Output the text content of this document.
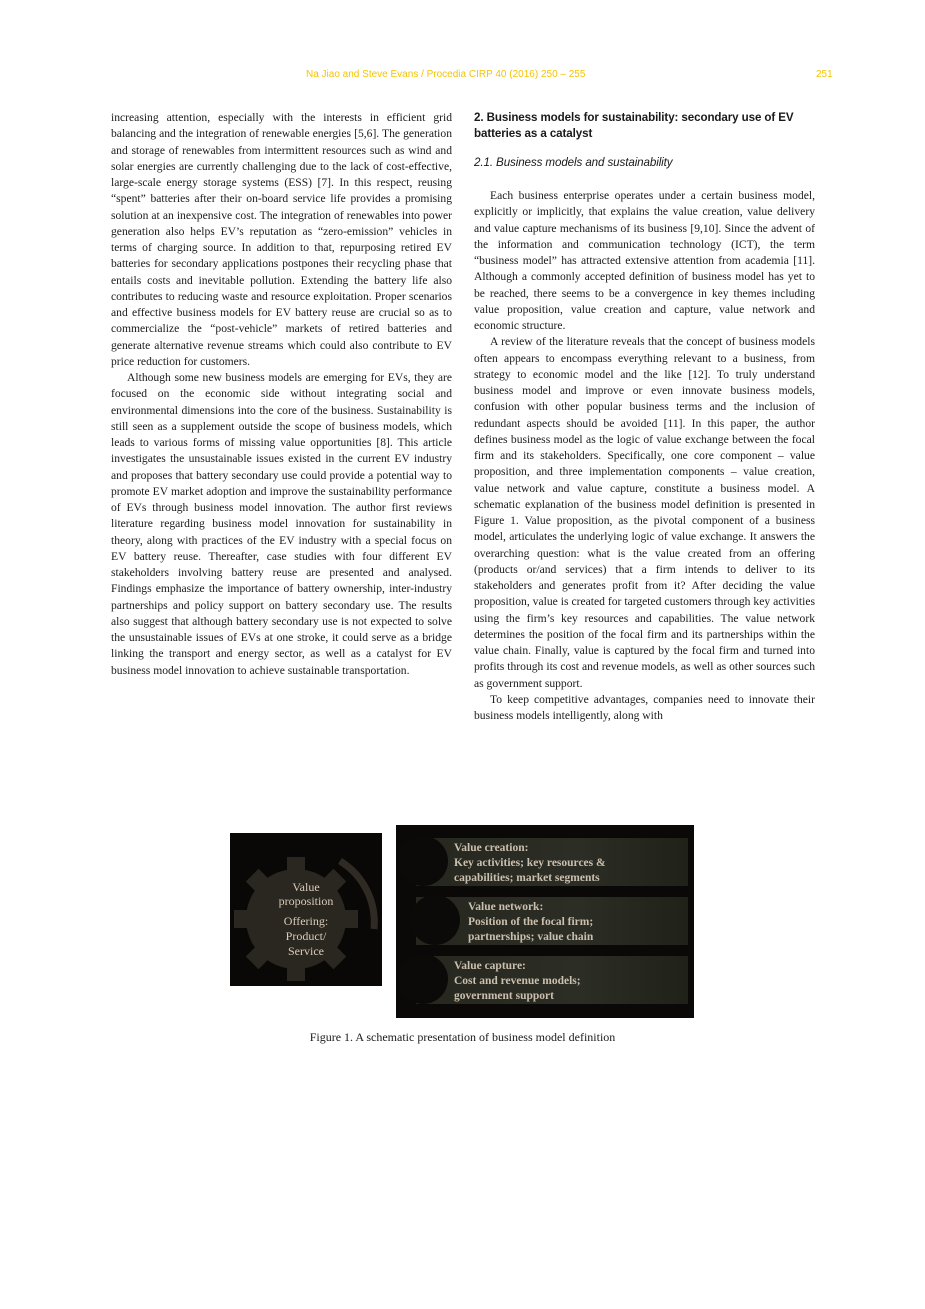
Na Jiao and Steve Evans / Procedia CIRP 40 (2016) 250 – 255	251

increasing attention, especially with the interests in efficient grid balancing and the integration of renewable energies [5,6]. The generation and storage of renewables from intermittent resources such as wind and solar energies are currently challenging due to the lack of cost-effective, large-scale energy storage systems (ESS) [7]. In this respect, reusing “spent” batteries after their on-board service life provides a promising solution at an inexpensive cost. The integration of renewables into power generation also helps EV’s reputation as “zero-emission” vehicles in terms of charging source. In addition to that, repurposing retired EV batteries for secondary applications postpones their recycling phase that entails costs and inevitable pollution. Extending the battery life also contributes to reducing waste and resource exploitation. Proper scenarios and effective business models for EV battery reuse are crucial so as to commercialize the “post-vehicle” markets of retired batteries and generate alternative revenue streams which could also contribute to EV price reduction for customers.

Although some new business models are emerging for EVs, they are focused on the economic side without integrating social and environmental dimensions into the core of the business. Sustainability is still seen as a supplement outside the scope of business models, which leads to various forms of missing value opportunities [8]. This article investigates the unsustainable issues existed in the current EV industry and proposes that battery secondary use could provide a potential way to promote EV market adoption and improve the sustainability performance of EVs through business model innovation. The author first reviews literature regarding business model innovation for sustainability in theory, along with practices of the EV industry with a special focus on EV battery reuse. Thereafter, case studies with four different EV stakeholders involving battery reuse are presented and analysed. Findings emphasize the importance of battery ownership, inter-industry partnerships and policy support on battery secondary use. The results also suggest that although battery secondary use is not expected to solve the unsustainable issues of EVs at one stroke, it could serve as a bridge linking the transport and energy sector, as well as a catalyst for EV business model innovation to achieve sustainable transportation.

2. Business models for sustainability: secondary use of EV batteries as a catalyst
2.1. Business models and sustainability

Each business enterprise operates under a certain business model, explicitly or implicitly, that explains the value creation, value delivery and value capture mechanisms of its business [9,10]. Since the advent of the information and communication technology (ICT), the term “business model” has attracted extensive attention from academia [11]. Although a commonly accepted definition of business model has yet to be reached, there seems to be a convergence in key themes including value proposition, value creation and capture, value network and economic structure.

A review of the literature reveals that the concept of business models often appears to encompass everything relevant to a business, from strategy to economic model and the like [12]. To truly understand business model and improve or even innovate business models, confusion with other popular business terms and the inclusion of redundant aspects should be avoided [11]. In this paper, the author defines business model as the logic of value exchange between the focal firm and its stakeholders. Specifically, one core component – value proposition, and three implementation components – value creation, value network and value capture, constitute a business model. A schematic explanation of the business model definition is presented in Figure 1. Value proposition, as the pivotal component of a business model, articulates the underlying logic of value exchange. It answers the overarching question: what is the value created from an offering (products or/and services) that a firm intends to deliver to its stakeholders and generates profit from it? After deciding the value proposition, value is created for targeted customers through key activities using the firm’s key resources and capabilities. The value network determines the position of the focal firm and its partnerships within the value chain. Finally, value is captured by the focal firm and turned into profits through its cost and revenue models, as well as other sources such as government support.

To keep competitive advantages, companies need to innovate their business models intelligently, along with

Value
proposition
Offering:
Product/
Service
Value creation:
Key activities; key resources &
capabilities; market segments
Value network:
Position of the focal firm;
partnerships; value chain
Value capture:
Cost and revenue models;
government support
Figure 1. A schematic presentation of business model definition
